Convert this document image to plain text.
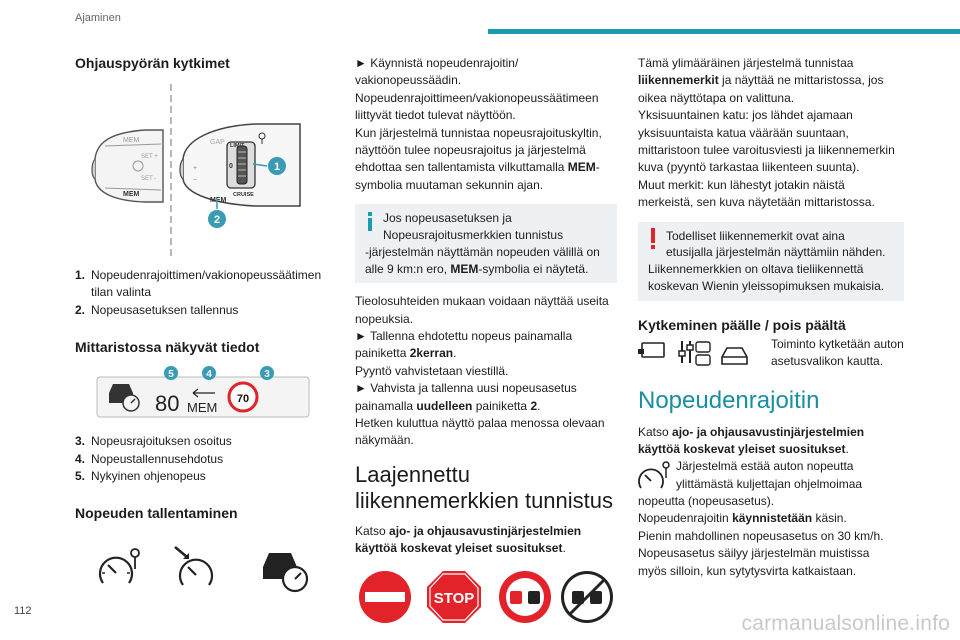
Ajaminen
112
carmanualsonline.info
Ohjauspyörän kytkimet
MEM
SET +
SET -
MEM
GAP
+
−
MEM
LIMIT
0
CRUISE
1
2
1. Nopeudenrajoittimen/vakionopeussäätimen
tilan valinta
2. Nopeusasetuksen tallennus
Mittaristossa näkyvät tiedot
80 MEM
70
5	4	3
3. Nopeusrajoituksen osoitus
4. Nopeustallennusehdotus
5. Nykyinen ohjenopeus
Nopeuden tallentaminen
► Käynnistä nopeudenrajoitin/
vakionopeussäädin.
Nopeudenrajoittimeen/vakionopeussäätimeen
liittyvät tiedot tulevat näyttöön.
Kun järjestelmä tunnistaa nopeusrajoituskyltin,
näyttöön tulee nopeusrajoitus ja järjestelmä
ehdottaa sen tallentamista vilkuttamalla MEM-
symbolia muutaman sekunnin ajan.
Jos nopeusasetuksen ja
Nopeusrajoitusmerkkien tunnistus
-järjestelmän näyttämän nopeuden välillä on
alle 9 km:n ero, MEM-symbolia ei näytetä.
Tieolosuhteiden mukaan voidaan näyttää useita
nopeuksia.
► Tallenna ehdotettu nopeus painamalla
painiketta 2kerran.
Pyyntö vahvistetaan viestillä.
► Vahvista ja tallenna uusi nopeusasetus
painamalla uudelleen painiketta 2.
Hetken kuluttua näyttö palaa menossa olevaan
näkymään.
Laajennettu
liikennemerkkien tunnistus
Katso ajo- ja ohjausavustinjärjestelmien
käyttöä koskevat yleiset suositukset.
STOP
Tämä ylimääräinen järjestelmä tunnistaa
liikennemerkit ja näyttää ne mittaristossa, jos
oikea näyttötapa on valittuna.
Yksisuuntainen katu: jos lähdet ajamaan
yksisuuntaista katua väärään suuntaan,
mittaristoon tulee varoitusviesti ja liikennemerkin
kuva (pyyntö tarkastaa liikenteen suunta).
Muut merkit: kun lähestyt jotakin näistä
merkeistä, sen kuva näytetään mittaristossa.
Todelliset liikennemerkit ovat aina
etusijalla järjestelmän näyttämiin nähden.
Liikennemerkkien on oltava tieliikennettä
koskevan Wienin yleissopimuksen mukaisia.
Kytkeminen päälle / pois päältä
Toiminto kytketään auton
asetusvalikon kautta.
Nopeudenrajoitin
Katso ajo- ja ohjausavustinjärjestelmien
käyttöä koskevat yleiset suositukset.
Järjestelmä estää auton nopeutta
ylittämästä kuljettajan ohjelmoimaa
nopeutta (nopeusasetus).
Nopeudenrajoitin käynnistetään käsin.
Pienin mahdollinen nopeusasetus on 30 km/h.
Nopeusasetus säilyy järjestelmän muistissa
myös silloin, kun sytytysvirta katkaistaan.
